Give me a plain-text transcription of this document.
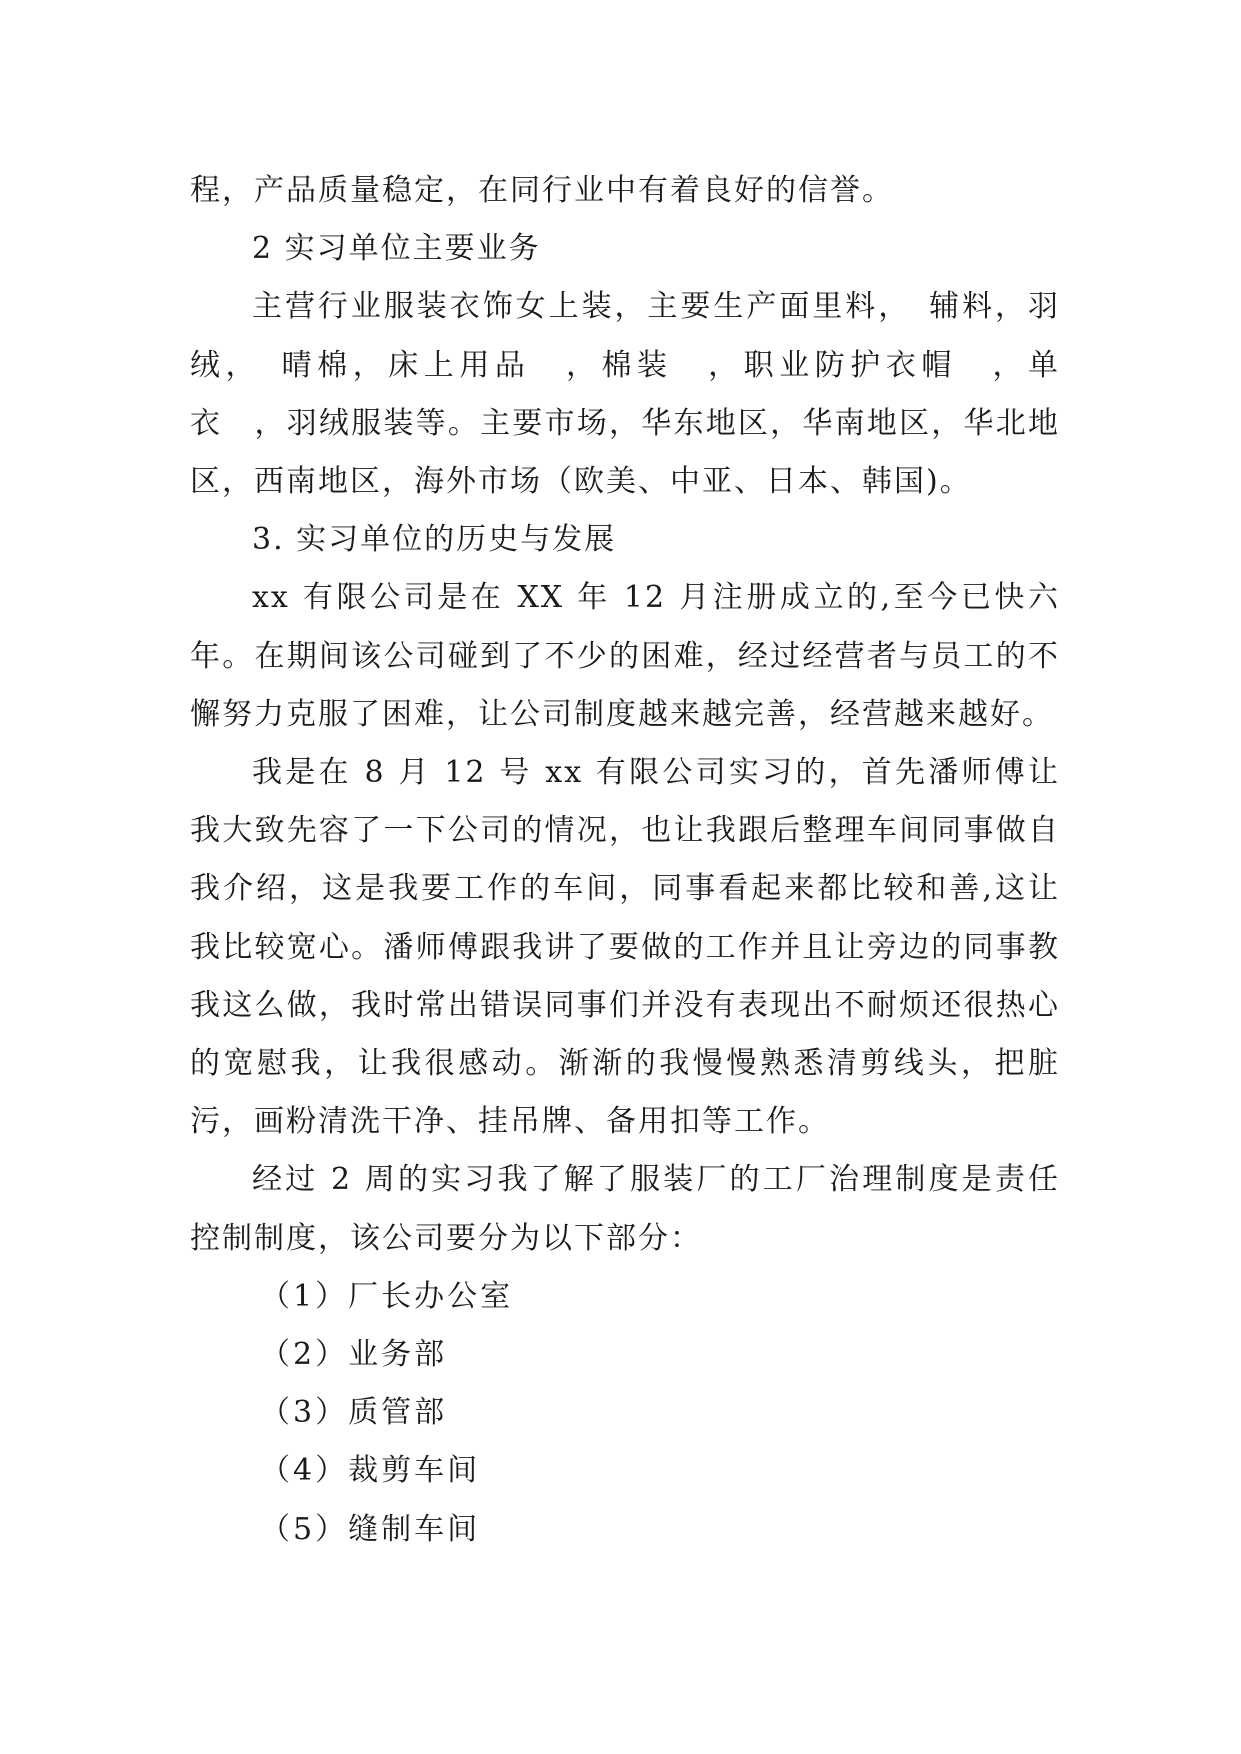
程，产品质量稳定，在同行业中有着良好的信誉。

2 实习单位主要业务

主营行业服装衣饰女上装，主要生产面里料，　辅料，羽绒，　晴棉，床上用品　，棉装　，职业防护衣帽　，单衣　，羽绒服装等。主要市场，华东地区，华南地区，华北地区，西南地区，海外市场（欧美、中亚、日本、韩国)。

3. 实习单位的历史与发展

xx 有限公司是在 XX 年 12 月注册成立的,至今已快六年。在期间该公司碰到了不少的困难，经过经营者与员工的不懈努力克服了困难，让公司制度越来越完善，经营越来越好。

我是在 8 月 12 号 xx 有限公司实习的，首先潘师傅让我大致先容了一下公司的情况，也让我跟后整理车间同事做自我介绍，这是我要工作的车间，同事看起来都比较和善,这让我比较宽心。潘师傅跟我讲了要做的工作并且让旁边的同事教我这么做，我时常出错误同事们并没有表现出不耐烦还很热心的宽慰我，让我很感动。渐渐的我慢慢熟悉清剪线头，把脏污，画粉清洗干净、挂吊牌、备用扣等工作。

经过 2 周的实习我了解了服装厂的工厂治理制度是责任控制制度，该公司要分为以下部分：

（1）厂长办公室

（2）业务部

（3）质管部

（4）裁剪车间

（5）缝制车间
